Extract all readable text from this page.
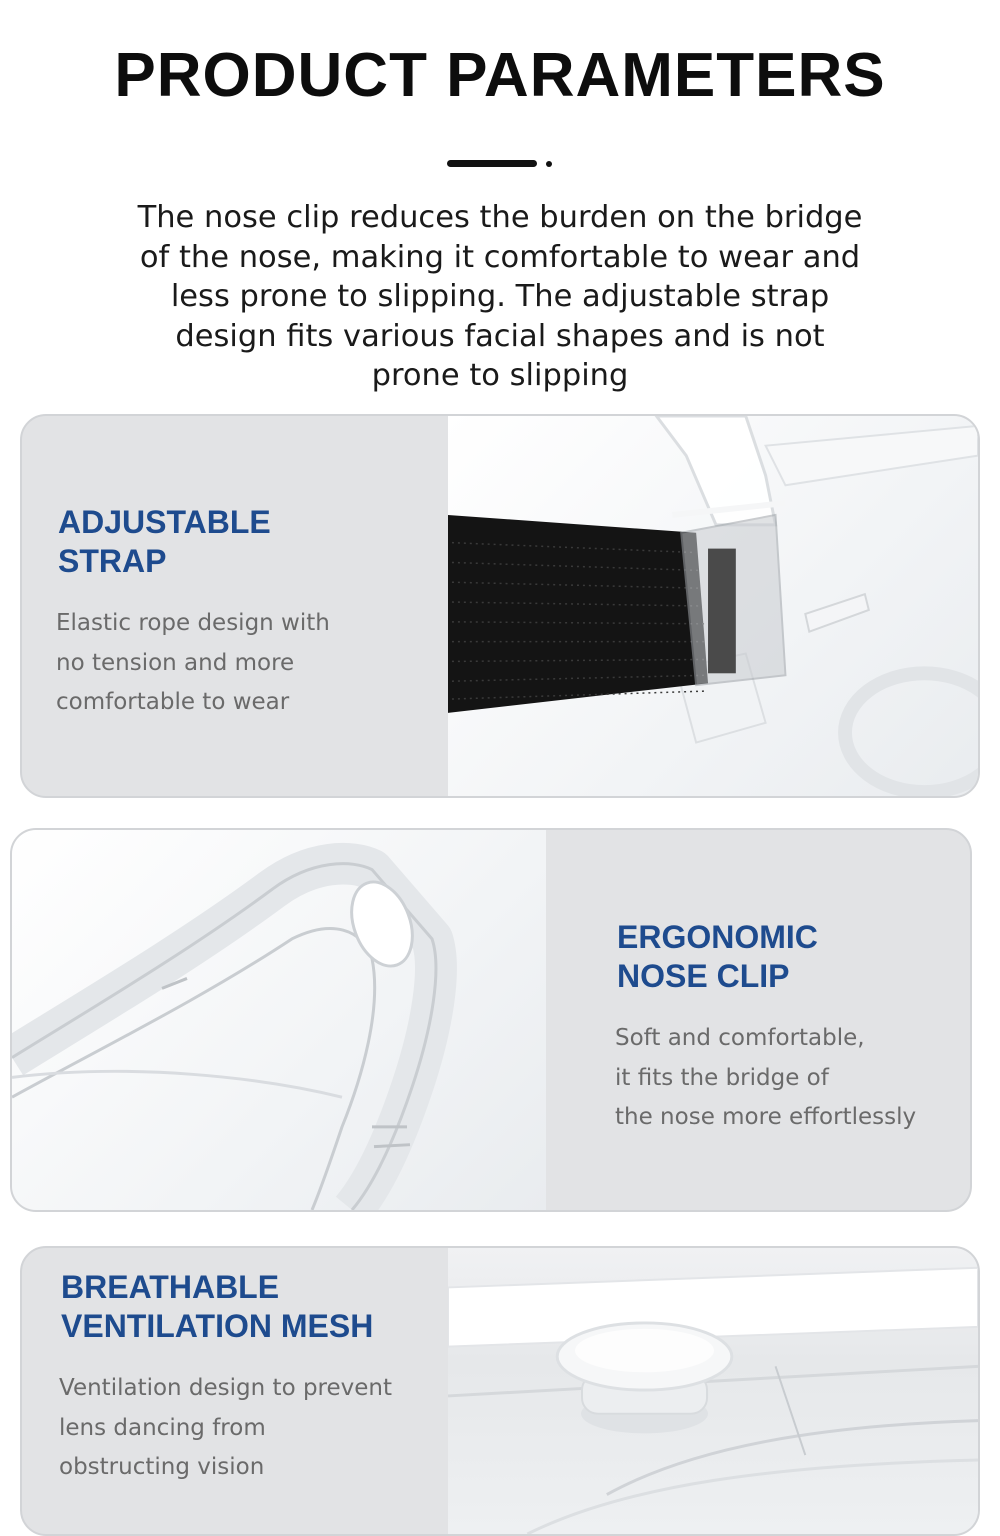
PRODUCT PARAMETERS

The nose clip reduces the burden on the bridge
of the nose, making it comfortable to wear and
less prone to slipping. The adjustable strap
design fits various facial shapes and is not
prone to slipping

ADJUSTABLE
STRAP

Elastic rope design with
no tension and more
comfortable to wear

ERGONOMIC
NOSE CLIP

Soft and comfortable,
it fits the bridge of
the nose more effortlessly

BREATHABLE
VENTILATION MESH

Ventilation design to prevent
lens dancing from
obstructing vision
